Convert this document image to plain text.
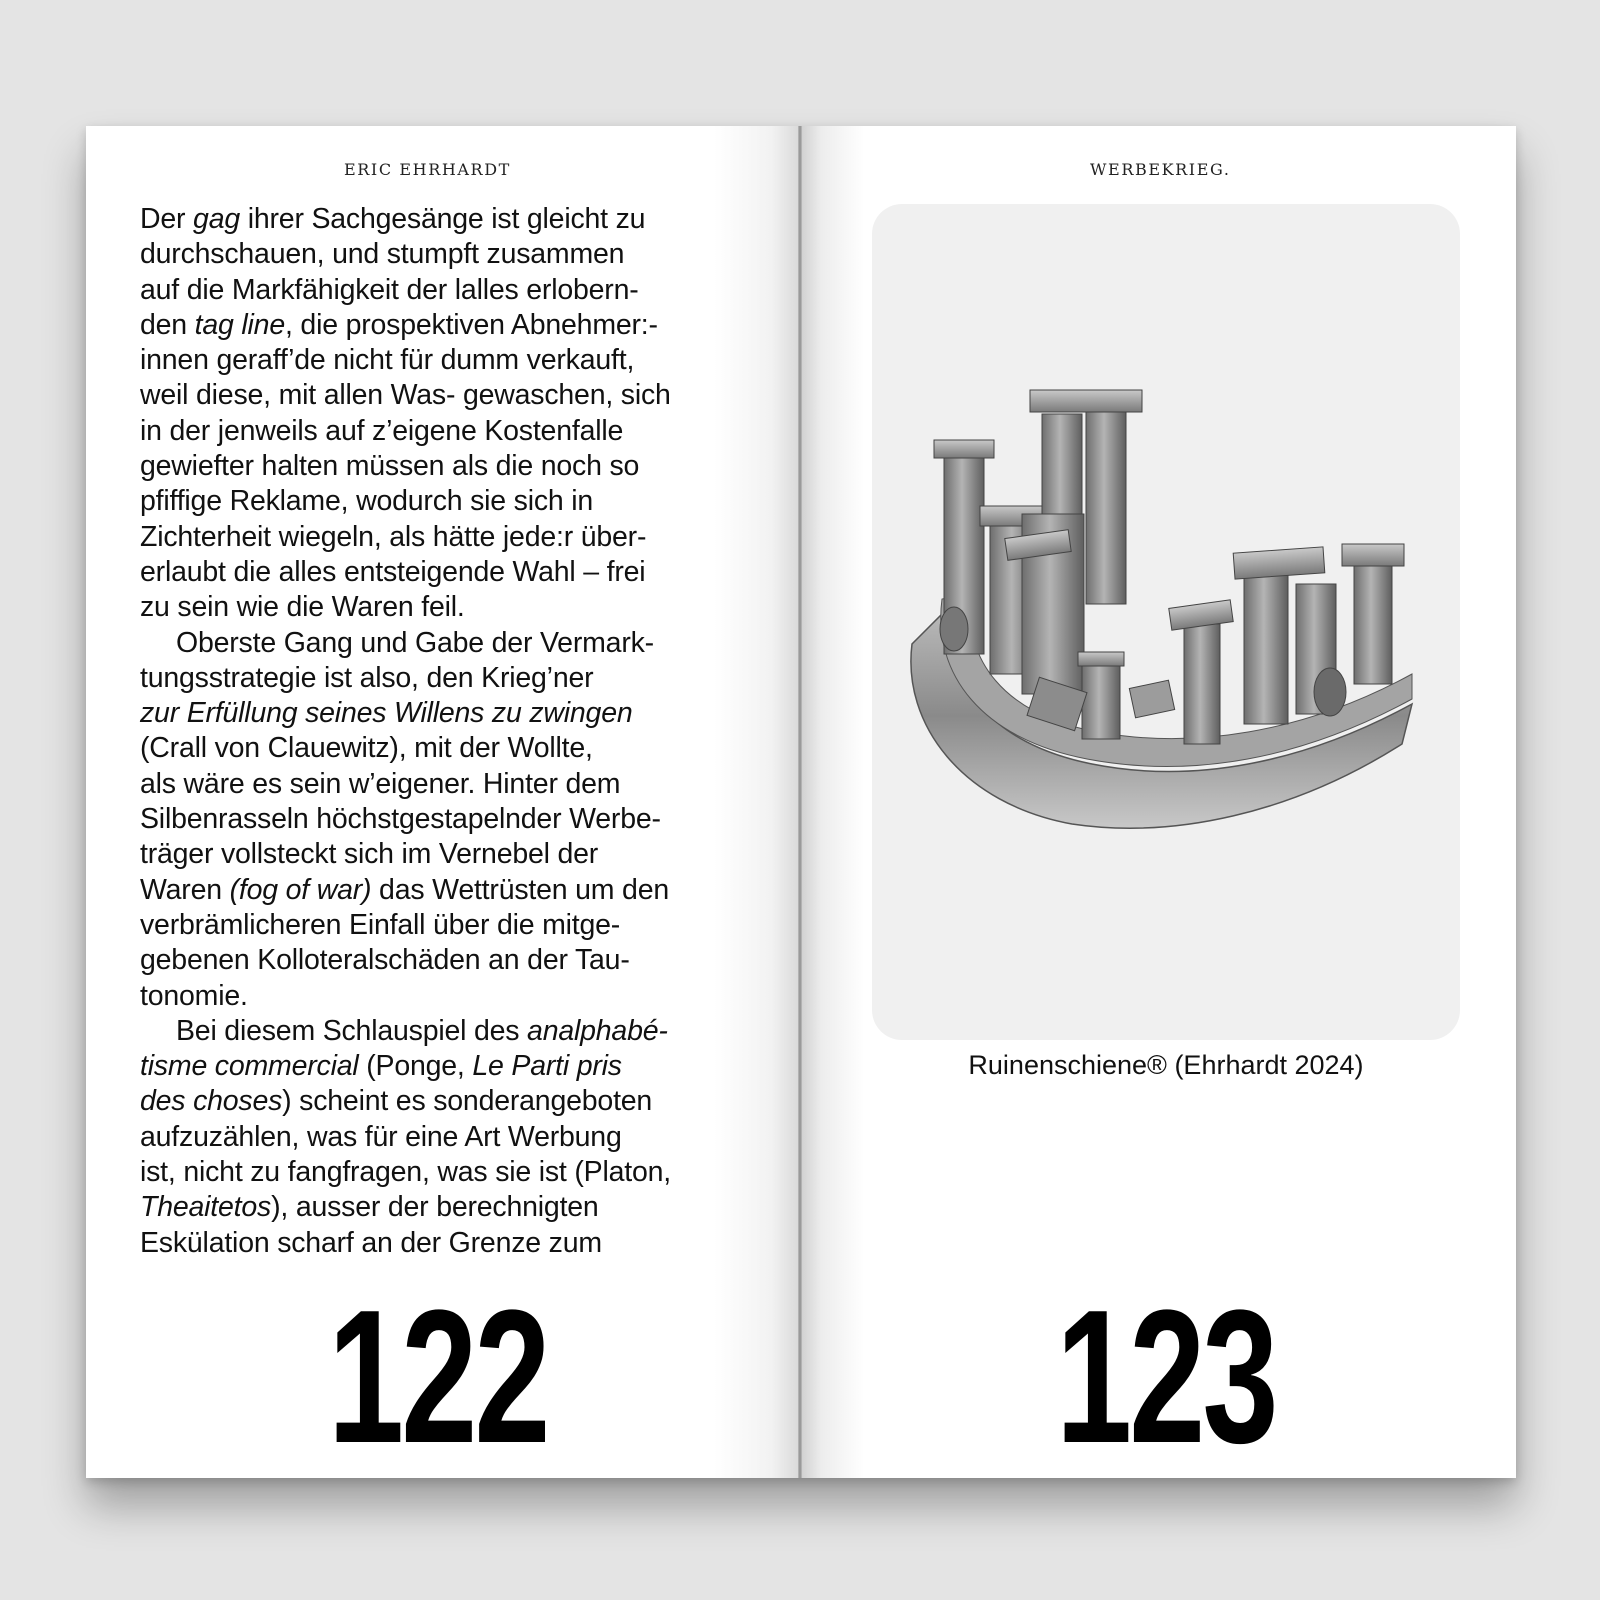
ERIC EHRHARDT
Der gag ihrer Sachgesänge ist gleicht zu
durchschauen, und stumpft zusammen
auf die Markfähigkeit der lalles erlobern-
den tag line, die prospektiven Abnehmer:-
innen geraff’de nicht für dumm verkauft,
weil diese, mit allen Was- gewaschen, sich
in der jenweils auf z’eigene Kostenfalle
gewiefter halten müssen als die noch so
pfiffige Reklame, wodurch sie sich in
Zichterheit wiegeln, als hätte jede:r über-
erlaubt die alles entsteigende Wahl – frei
zu sein wie die Waren feil.
Oberste Gang und Gabe der Vermark-
tungsstrategie ist also, den Krieg’ner
zur Erfüllung seines Willens zu zwingen
(Crall von Clauewitz), mit der Wollte,
als wäre es sein w’eigener. Hinter dem
Silbenrasseln höchstgestapelnder Werbe-
träger vollsteckt sich im Vernebel der
Waren (fog of war) das Wettrüsten um den
verbrämlicheren Einfall über die mitge-
gebenen Kolloteralschäden an der Tau-
tonomie.
Bei diesem Schlauspiel des analphabé-
tisme commercial (Ponge, Le Parti pris
des choses) scheint es sonderangeboten
aufzuzählen, was für eine Art Werbung
ist, nicht zu fangfragen, was sie ist (Platon,
Theaitetos), ausser der berechnigten
Eskülation scharf an der Grenze zum
122
WERBEKRIEG.
Ruinenschiene® (Ehrhardt 2024)
123
